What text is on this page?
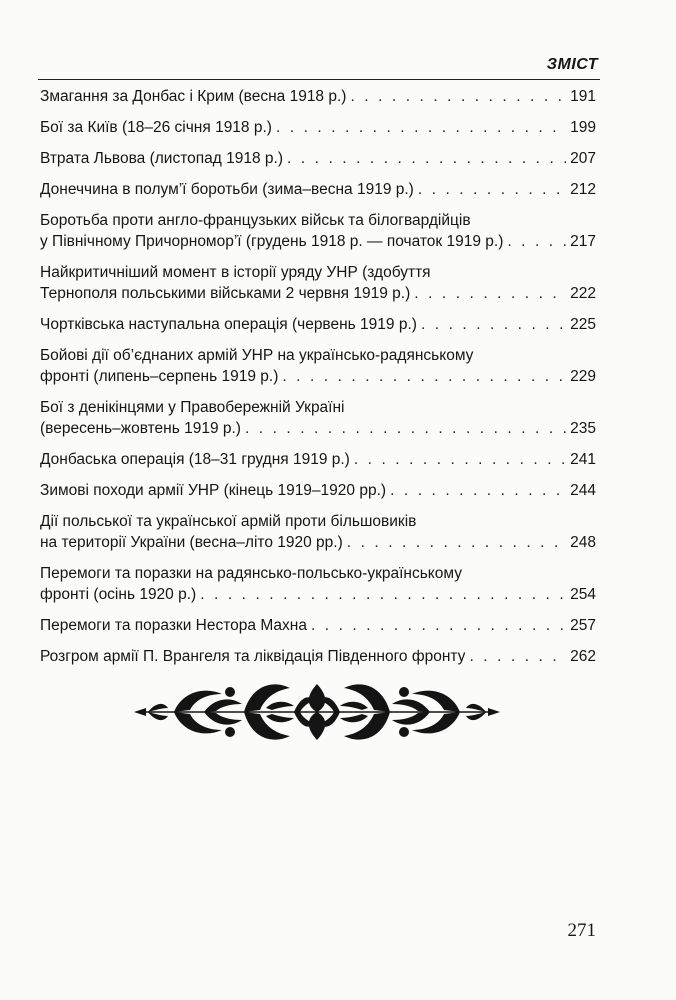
ЗМІСТ
Змагання за Донбас і Крим (весна 1918 р.) . . .	191
Бої за Київ (18–26 січня 1918 р.) . . .	199
Втрата Львова (листопад 1918 р.) . . .	207
Донеччина в полум’ї боротьби (зима–весна 1919 р.) . . .	212
Боротьба проти англо-французьких військ та білогвардійців
у Північному Причорномор’ї (грудень 1918 р. — початок 1919 р.) . . .	217
Найкритичніший момент в історії уряду УНР (здобуття
Тернополя польськими військами 2 червня 1919 р.) . . .	222
Чортківська наступальна операція (червень 1919 р.) . . .	225
Бойові дії об’єднаних армій УНР на українсько-радянському
фронті (липень–серпень 1919 р.) . . .	229
Бої з денікінцями у Правобережній Україні
(вересень–жовтень 1919 р.) . . .	235
Донбаська операція (18–31 грудня 1919 р.) . . .	241
Зимові походи армії УНР (кінець 1919–1920 рр.) . . .	244
Дії польської та української армій проти більшовиків
на території України (весна–літо 1920 рр.) . . .	248
Перемоги та поразки на радянсько-польсько-українському
фронті (осінь 1920 р.) . . .	254
Перемоги та поразки Нестора Махна . . .	257
Розгром армії П. Врангеля та ліквідація Південного фронту . . .	262
271
